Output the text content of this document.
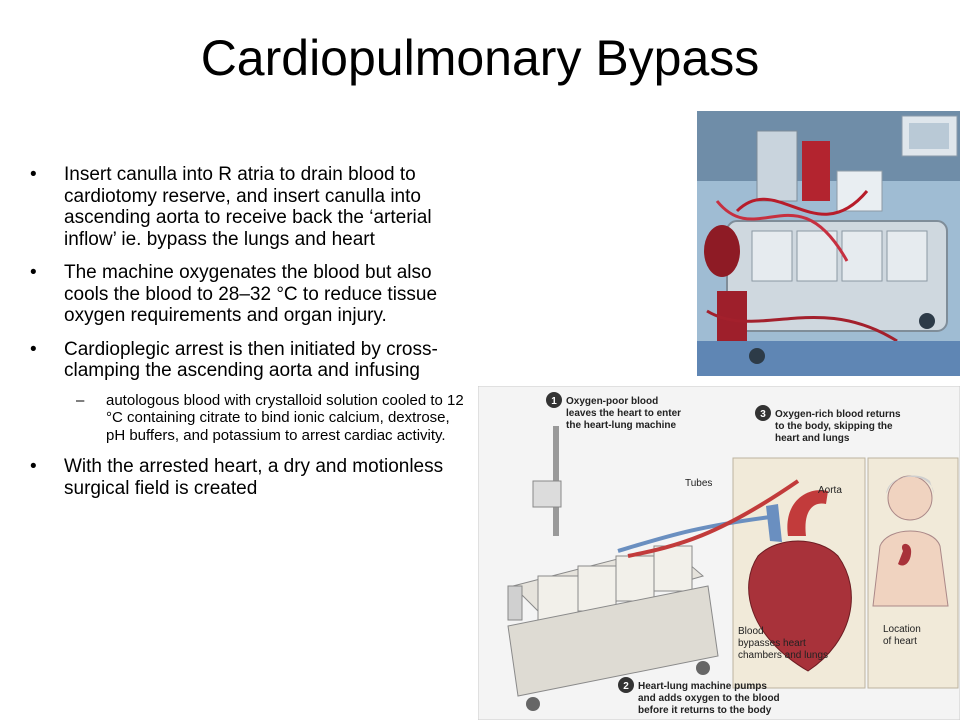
Cardiopulmonary Bypass
• Insert canulla into R atria to drain blood to cardiotomy reserve, and insert canulla into ascending aorta to receive back the ‘arterial inflow’ ie. bypass the lungs and heart
• The machine oxygenates the blood but also cools the blood to 28–32 °C to reduce tissue oxygen requirements and organ injury.
• Cardioplegic arrest is then initiated by cross-clamping the ascending aorta and infusing
– autologous blood with crystalloid solution cooled to 12 °C containing citrate to bind ionic calcium, dextrose, pH buffers, and potassium to arrest cardiac activity.
• With the arrested heart, a dry and motionless surgical field is created
1
3
2
Oxygen-poor blood
leaves the heart to enter
the heart-lung machine
Oxygen-rich blood returns
to the body, skipping the
heart and lungs
Heart-lung machine pumps
and adds oxygen to the blood
before it returns to the body
Tubes
Aorta
Blood
bypasses heart
chambers and lungs
Location
of heart
